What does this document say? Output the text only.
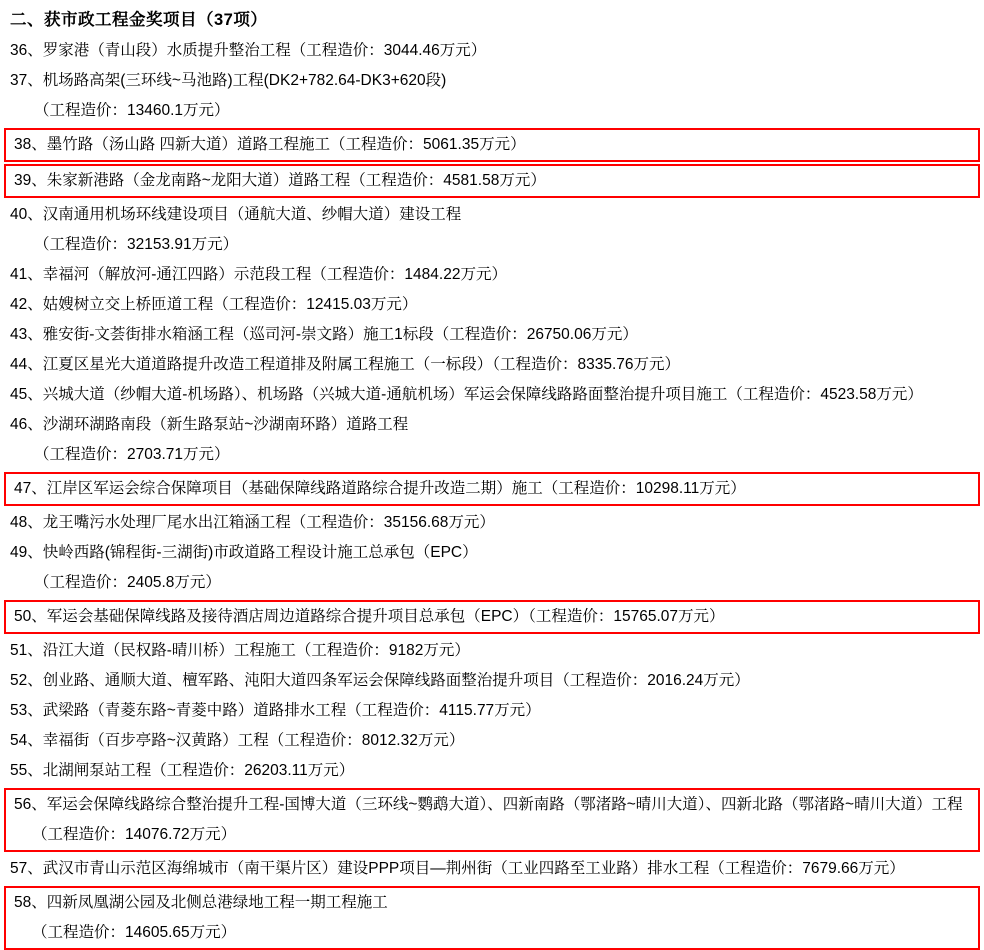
二、获市政工程金奖项目（37项）
36、罗家港（青山段）水质提升整治工程（工程造价：3044.46万元）
37、机场路高架(三环线~马池路)工程(DK2+782.64-DK3+620段)
（工程造价：13460.1万元）
38、墨竹路（汤山路 四新大道）道路工程施工（工程造价：5061.35万元）
39、朱家新港路（金龙南路~龙阳大道）道路工程（工程造价：4581.58万元）
40、汉南通用机场环线建设项目（通航大道、纱帽大道）建设工程
（工程造价：32153.91万元）
41、幸福河（解放河-通江四路）示范段工程（工程造价：1484.22万元）
42、姑嫂树立交上桥匝道工程（工程造价：12415.03万元）
43、雅安街-文荟街排水箱涵工程（巡司河-崇文路）施工1标段（工程造价：26750.06万元）
44、江夏区星光大道道路提升改造工程道排及附属工程施工（一标段）（工程造价：8335.76万元）
45、兴城大道（纱帽大道-机场路）、机场路（兴城大道-通航机场）军运会保障线路路面整治提升项目施工（工程造价：4523.58万元）
46、沙湖环湖路南段（新生路泵站~沙湖南环路）道路工程
（工程造价：2703.71万元）
47、江岸区军运会综合保障项目（基础保障线路道路综合提升改造二期）施工（工程造价：10298.11万元）
48、龙王嘴污水处理厂尾水出江箱涵工程（工程造价：35156.68万元）
49、快岭西路(锦程街-三湖街)市政道路工程设计施工总承包（EPC）
（工程造价：2405.8万元）
50、军运会基础保障线路及接待酒店周边道路综合提升项目总承包（EPC）（工程造价：15765.07万元）
51、沿江大道（民权路-晴川桥）工程施工（工程造价：9182万元）
52、创业路、通顺大道、檀军路、沌阳大道四条军运会保障线路面整治提升项目（工程造价：2016.24万元）
53、武梁路（青菱东路~青菱中路）道路排水工程（工程造价：4115.77万元）
54、幸福街（百步亭路~汉黄路）工程（工程造价：8012.32万元）
55、北湖闸泵站工程（工程造价：26203.11万元）
56、军运会保障线路综合整治提升工程-国博大道（三环线~鹦鹉大道）、四新南路（鄂渚路~晴川大道）、四新北路（鄂渚路~晴川大道）工程
（工程造价：14076.72万元）
57、武汉市青山示范区海绵城市（南干渠片区）建设PPP项目—荆州街（工业四路至工业路）排水工程（工程造价：7679.66万元）
58、四新凤凰湖公园及北侧总港绿地工程一期工程施工
（工程造价：14605.65万元）
